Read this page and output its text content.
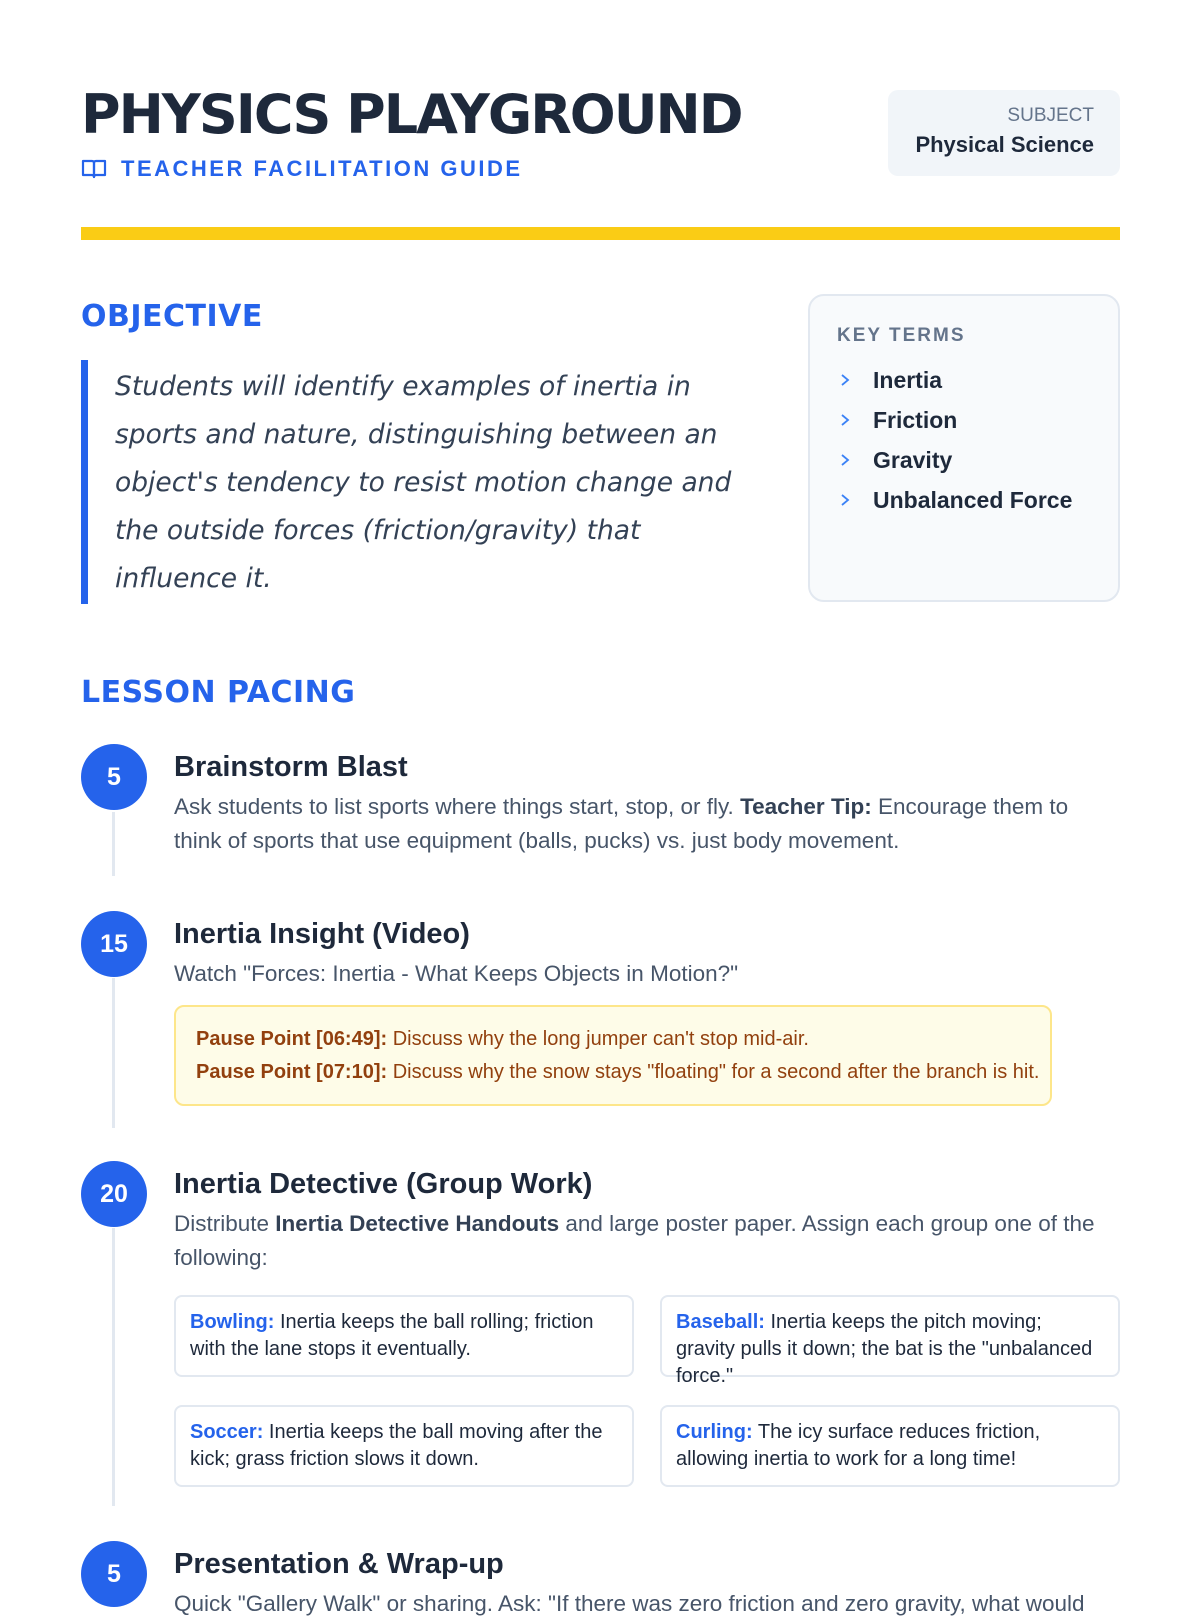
PHYSICS PLAYGROUND
TEACHER FACILITATION GUIDE
SUBJECT
Physical Science
OBJECTIVE
Students will identify examples of inertia in sports and nature, distinguishing between an object's tendency to resist motion change and the outside forces (friction/gravity) that influence it.
KEY TERMS
Inertia
Friction
Gravity
Unbalanced Force
LESSON PACING
5	Brainstorm Blast
Ask students to list sports where things start, stop, or fly. Teacher Tip: Encourage them to think of sports that use equipment (balls, pucks) vs. just body movement.
15	Inertia Insight (Video)
Watch "Forces: Inertia - What Keeps Objects in Motion?"
Pause Point [06:49]: Discuss why the long jumper can't stop mid-air.
Pause Point [07:10]: Discuss why the snow stays "floating" for a second after the branch is hit.
20	Inertia Detective (Group Work)
Distribute Inertia Detective Handouts and large poster paper. Assign each group one of the following:
Bowling: Inertia keeps the ball rolling; friction with the lane stops it eventually.
Baseball: Inertia keeps the pitch moving; gravity pulls it down; the bat is the "unbalanced force."
Soccer: Inertia keeps the ball moving after the kick; grass friction slows it down.
Curling: The icy surface reduces friction, allowing inertia to work for a long time!
5	Presentation & Wrap-up
Quick "Gallery Walk" or sharing. Ask: "If there was zero friction and zero gravity, what would
